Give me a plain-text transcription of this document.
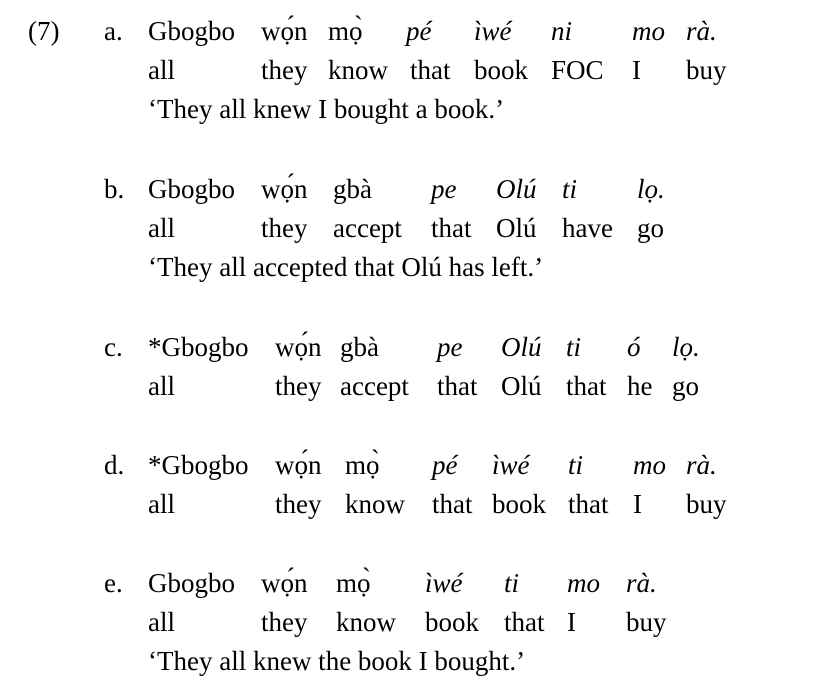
(7) a. Gbogbo wọ́n mọ̀ pé ìwé ni mo rà.
all	they know that book FOC I buy
‘They all knew I bought a book.’
b. Gbogbo wọ́n gbà pe Olú ti lọ.
all	they accept that Olú have go
‘They all accepted that Olú has left.’
c. *Gbogbo wọ́n gbà pe Olú ti ó lọ.
all	they accept that Olú that he go
d. *Gbogbo wọ́n mọ̀ pé ìwé ti mo rà.
all	they know that book that I buy
e. Gbogbo wọ́n mọ̀ ìwé ti mo rà.
all	they know book that I buy
‘They all knew the book I bought.’
